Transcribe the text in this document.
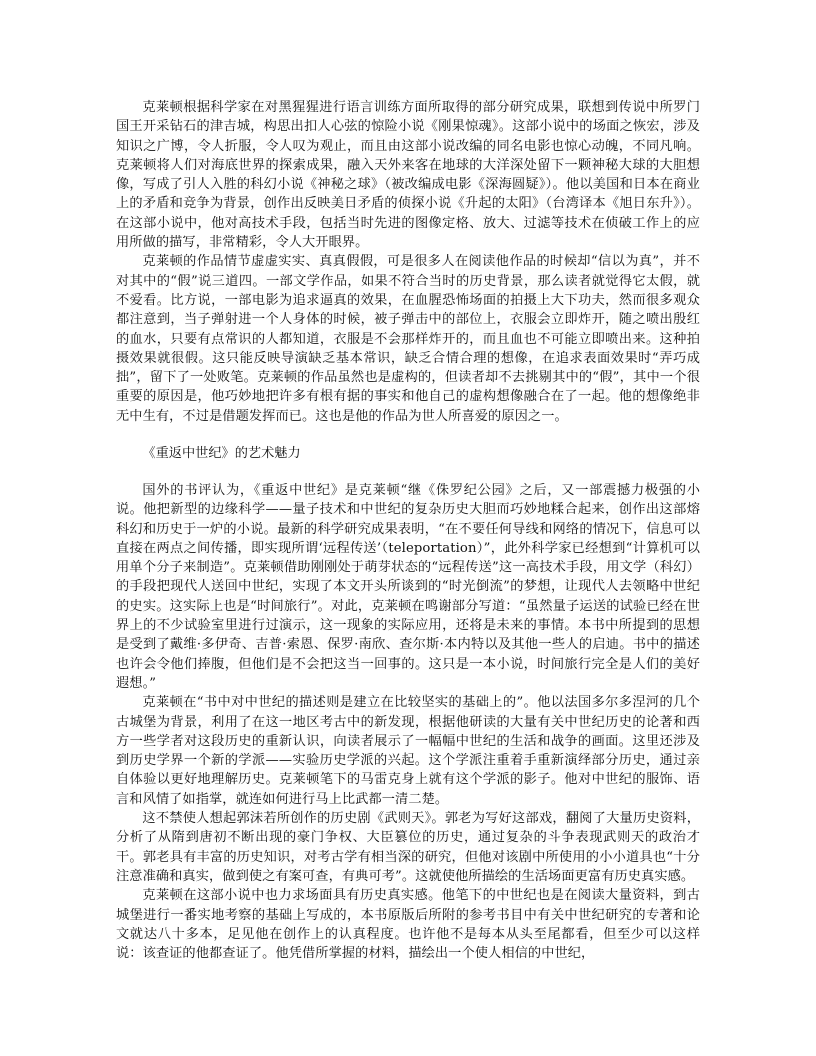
克莱顿根据科学家在对黑猩猩进行语言训练方面所取得的部分研究成果，联想到传说中所罗门国王开采钻石的津吉城，构思出扣人心弦的惊险小说《刚果惊魂》。这部小说中的场面之恢宏，涉及知识之广博，令人折服，令人叹为观止，而且由这部小说改编的同名电影也惊心动魄，不同凡响。克莱顿将人们对海底世界的探索成果，融入天外来客在地球的大洋深处留下一颗神秘大球的大胆想像，写成了引人入胜的科幻小说《神秘之球》（被改编成电影《深海圆疑》）。他以美国和日本在商业上的矛盾和竞争为背景，创作出反映美日矛盾的侦探小说《升起的太阳》（台湾译本《旭日东升》）。在这部小说中，他对高技术手段，包括当时先进的图像定格、放大、过滤等技术在侦破工作上的应用所做的描写，非常精彩，令人大开眼界。

克莱顿的作品情节虚虚实实、真真假假，可是很多人在阅读他作品的时候却“信以为真”，并不对其中的“假”说三道四。一部文学作品，如果不符合当时的历史背景，那么读者就觉得它太假，就不爱看。比方说，一部电影为追求逼真的效果，在血腥恐怖场面的拍摄上大下功夫，然而很多观众都注意到，当子弹射进一个人身体的时候，被子弹击中的部位上，衣服会立即炸开，随之喷出殷红的血水，只要有点常识的人都知道，衣服是不会那样炸开的，而且血也不可能立即喷出来。这种拍摄效果就很假。这只能反映导演缺乏基本常识，缺乏合情合理的想像，在追求表面效果时“弄巧成拙”，留下了一处败笔。克莱顿的作品虽然也是虚构的，但读者却不去挑剔其中的“假”，其中一个很重要的原因是，他巧妙地把许多有根有据的事实和他自己的虚构想像融合在了一起。他的想像绝非无中生有，不过是借题发挥而已。这也是他的作品为世人所喜爱的原因之一。

《重返中世纪》的艺术魅力

国外的书评认为，《重返中世纪》是克莱顿“继《侏罗纪公园》之后，又一部震撼力极强的小说。他把新型的边缘科学——量子技术和中世纪的复杂历史大胆而巧妙地糅合起来，创作出这部熔科幻和历史于一炉的小说。最新的科学研究成果表明，“在不要任何导线和网络的情况下，信息可以直接在两点之间传播，即实现所谓‘远程传送’（teleportation）”，此外科学家已经想到“计算机可以用单个分子来制造”。克莱顿借助刚刚处于萌芽状态的“远程传送”这一高技术手段，用文学（科幻）的手段把现代人送回中世纪，实现了本文开头所谈到的“时光倒流”的梦想，让现代人去领略中世纪的史实。这实际上也是“时间旅行”。对此，克莱顿在鸣谢部分写道：“虽然量子运送的试验已经在世界上的不少试验室里进行过演示，这一现象的实际应用，还将是未来的事情。本书中所提到的思想是受到了戴维·多伊奇、吉普·索恩、保罗·南欣、查尔斯·本内特以及其他一些人的启迪。书中的描述也许会令他们捧腹，但他们是不会把这当一回事的。这只是一本小说，时间旅行完全是人们的美好遐想。”

克莱顿在“书中对中世纪的描述则是建立在比较坚实的基础上的”。他以法国多尔多涅河的几个古城堡为背景，利用了在这一地区考古中的新发现，根据他研读的大量有关中世纪历史的论著和西方一些学者对这段历史的重新认识，向读者展示了一幅幅中世纪的生活和战争的画面。这里还涉及到历史学界一个新的学派——实验历史学派的兴起。这个学派注重着手重新演绎部分历史，通过亲自体验以更好地理解历史。克莱顿笔下的马雷克身上就有这个学派的影子。他对中世纪的服饰、语言和风情了如指掌，就连如何进行马上比武都一清二楚。

这不禁使人想起郭沫若所创作的历史剧《武则天》。郭老为写好这部戏，翻阅了大量历史资料，分析了从隋到唐初不断出现的豪门争权、大臣篡位的历史，通过复杂的斗争表现武则天的政治才干。郭老具有丰富的历史知识，对考古学有相当深的研究，但他对该剧中所使用的小小道具也“十分注意准确和真实，做到使之有案可查，有典可考”。这就使他所描绘的生活场面更富有历史真实感。

克莱顿在这部小说中也力求场面具有历史真实感。他笔下的中世纪也是在阅读大量资料，到古城堡进行一番实地考察的基础上写成的，本书原版后所附的参考书目中有关中世纪研究的专著和论文就达八十多本，足见他在创作上的认真程度。也许他不是每本从头至尾都看，但至少可以这样说：该查证的他都查证了。他凭借所掌握的材料，描绘出一个使人相信的中世纪，
